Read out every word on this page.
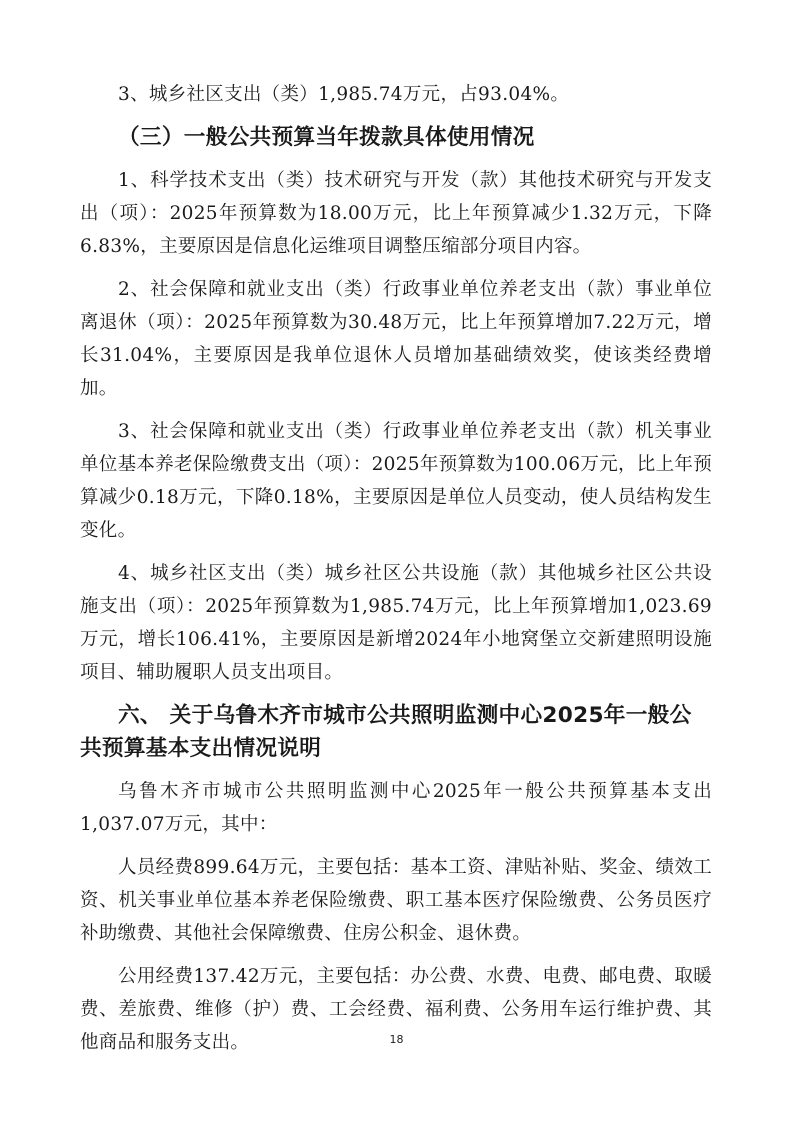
3、城乡社区支出（类）1,985.74万元，占93.04%。

（三）一般公共预算当年拨款具体使用情况

1、科学技术支出（类）技术研究与开发（款）其他技术研究与开发支出（项）：2025年预算数为18.00万元，比上年预算减少1.32万元，下降6.83%，主要原因是信息化运维项目调整压缩部分项目内容。

2、社会保障和就业支出（类）行政事业单位养老支出（款）事业单位离退休（项）：2025年预算数为30.48万元，比上年预算增加7.22万元，增长31.04%，主要原因是我单位退休人员增加基础绩效奖，使该类经费增加。

3、社会保障和就业支出（类）行政事业单位养老支出（款）机关事业单位基本养老保险缴费支出（项）：2025年预算数为100.06万元，比上年预算减少0.18万元，下降0.18%，主要原因是单位人员变动，使人员结构发生变化。

4、城乡社区支出（类）城乡社区公共设施（款）其他城乡社区公共设施支出（项）：2025年预算数为1,985.74万元，比上年预算增加1,023.69万元，增长106.41%，主要原因是新增2024年小地窝堡立交新建照明设施项目、辅助履职人员支出项目。

六、 关于乌鲁木齐市城市公共照明监测中心2025年一般公共预算基本支出情况说明

乌鲁木齐市城市公共照明监测中心2025年一般公共预算基本支出1,037.07万元，其中：

人员经费899.64万元，主要包括：基本工资、津贴补贴、奖金、绩效工资、机关事业单位基本养老保险缴费、职工基本医疗保险缴费、公务员医疗补助缴费、其他社会保障缴费、住房公积金、退休费。

公用经费137.42万元，主要包括：办公费、水费、电费、邮电费、取暖费、差旅费、维修（护）费、工会经费、福利费、公务用车运行维护费、其他商品和服务支出。	18
